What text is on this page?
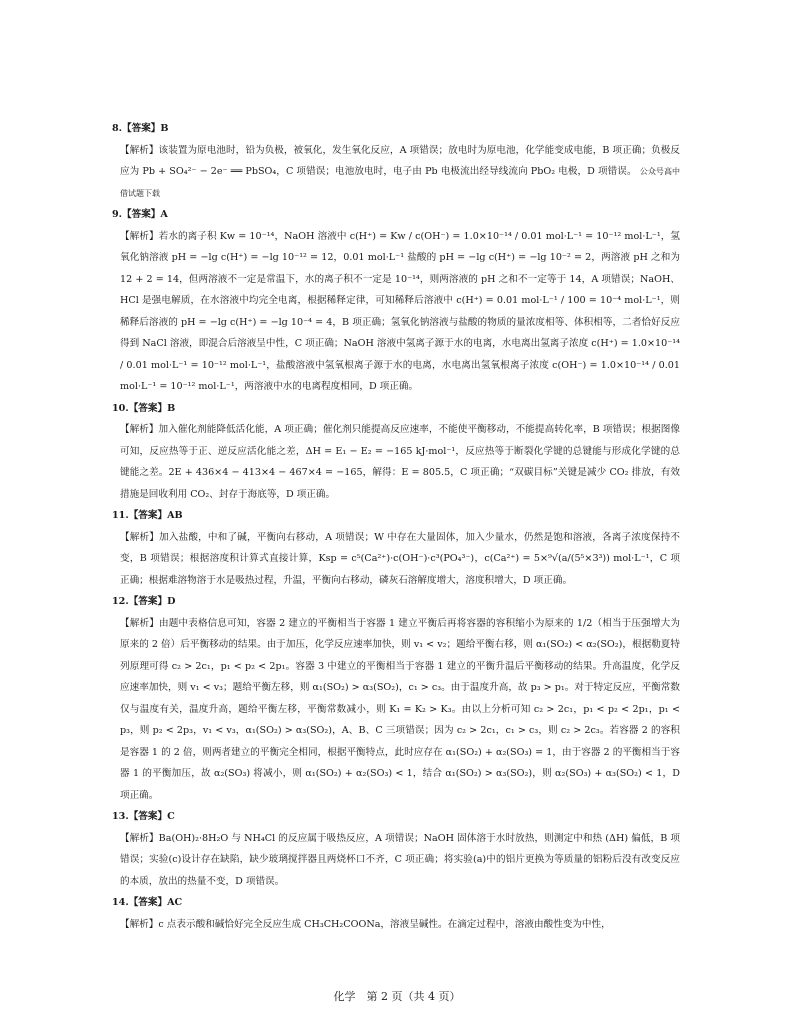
8.【答案】B
【解析】该装置为原电池时，铅为负极，被氧化，发生氧化反应，A 项错误；放电时为原电池，化学能变成电能，B 项正确；负极反应为 Pb + SO₄²⁻ − 2e⁻ ══ PbSO₄，C 项错误；电池放电时，电子由 Pb 电极流出经导线流向 PbO₂ 电极，D 项错误。 公众号高中借试题下载
9.【答案】A
【解析】若水的离子积 Kw = 10⁻¹⁴，NaOH 溶液中 c(H⁺) = Kw / c(OH⁻) = 1.0×10⁻¹⁴ / 0.01 mol·L⁻¹ = 10⁻¹² mol·L⁻¹，氢氧化钠溶液 pH = −lg c(H⁺) = −lg 10⁻¹² = 12，0.01 mol·L⁻¹ 盐酸的 pH = −lg c(H⁺) = −lg 10⁻² = 2，两溶液 pH 之和为 12 + 2 = 14，但两溶液不一定是常温下，水的离子积不一定是 10⁻¹⁴，则两溶液的 pH 之和不一定等于 14，A 项错误；NaOH、HCl 是强电解质，在水溶液中均完全电离，根据稀释定律，可知稀释后溶液中 c(H⁺) = 0.01 mol·L⁻¹ / 100 = 10⁻⁴ mol·L⁻¹，则稀释后溶液的 pH = −lg c(H⁺) = −lg 10⁻⁴ = 4，B 项正确；氢氧化钠溶液与盐酸的物质的量浓度相等、体积相等，二者恰好反应得到 NaCl 溶液，即混合后溶液呈中性，C 项正确；NaOH 溶液中氢离子源于水的电离，水电离出氢离子浓度 c(H⁺) = 1.0×10⁻¹⁴ / 0.01 mol·L⁻¹ = 10⁻¹² mol·L⁻¹，盐酸溶液中氢氧根离子源于水的电离，水电离出氢氧根离子浓度 c(OH⁻) = 1.0×10⁻¹⁴ / 0.01 mol·L⁻¹ = 10⁻¹² mol·L⁻¹，两溶液中水的电离程度相同，D 项正确。
10.【答案】B
【解析】加入催化剂能降低活化能，A 项正确；催化剂只能提高反应速率，不能使平衡移动，不能提高转化率，B 项错误；根据图像可知，反应热等于正、逆反应活化能之差，ΔH = E₁ − E₂ = −165 kJ·mol⁻¹，反应热等于断裂化学键的总键能与形成化学键的总键能之差。2E + 436×4 − 413×4 − 467×4 = −165，解得：E = 805.5，C 项正确；“双碳目标”关键是减少 CO₂ 排放，有效措施是回收利用 CO₂、封存于海底等，D 项正确。
11.【答案】AB
【解析】加入盐酸，中和了碱，平衡向右移动，A 项错误；W 中存在大量固体，加入少量水，仍然是饱和溶液，各离子浓度保持不变，B 项错误；根据溶度积计算式直接计算，Ksp = c⁵(Ca²⁺)·c(OH⁻)·c³(PO₄³⁻)，c(Ca²⁺) = 5×⁹√(a/(5⁵×3³)) mol·L⁻¹，C 项正确；根据难溶物溶于水是吸热过程，升温，平衡向右移动，磷灰石溶解度增大，溶度积增大，D 项正确。
12.【答案】D
【解析】由题中表格信息可知，容器 2 建立的平衡相当于容器 1 建立平衡后再将容器的容积缩小为原来的 1/2（相当于压强增大为原来的 2 倍）后平衡移动的结果。由于加压，化学反应速率加快，则 v₁ < v₂；题给平衡右移，则 α₁(SO₂) < α₂(SO₂)，根据勒夏特列原理可得 c₂ > 2c₁，p₁ < p₂ < 2p₁。容器 3 中建立的平衡相当于容器 1 建立的平衡升温后平衡移动的结果。升高温度，化学反应速率加快，则 v₁ < v₃；题给平衡左移，则 α₁(SO₂) > α₃(SO₂)，c₁ > c₃。由于温度升高，故 p₃ > p₁。对于特定反应，平衡常数仅与温度有关，温度升高，题给平衡左移，平衡常数减小，则 K₁ = K₂ > K₃。由以上分析可知 c₂ > 2c₁，p₁ < p₂ < 2p₁，p₁ < p₃，则 p₂ < 2p₃，v₁ < v₃，α₁(SO₂) > α₃(SO₂)，A、B、C 三项错误；因为 c₂ > 2c₁，c₁ > c₃，则 c₂ > 2c₃。若容器 2 的容积是容器 1 的 2 倍，则两者建立的平衡完全相同，根据平衡特点，此时应存在 α₁(SO₂) + α₂(SO₃) = 1，由于容器 2 的平衡相当于容器 1 的平衡加压，故 α₂(SO₃) 将减小，则 α₁(SO₂) + α₂(SO₃) < 1，结合 α₁(SO₂) > α₃(SO₂)，则 α₂(SO₃) + α₃(SO₂) < 1，D 项正确。
13.【答案】C
【解析】Ba(OH)₂·8H₂O 与 NH₄Cl 的反应属于吸热反应，A 项错误；NaOH 固体溶于水时放热，则测定中和热 (ΔH) 偏低，B 项错误；实验(c)设计存在缺陷，缺少玻璃搅拌器且两烧杯口不齐，C 项正确；将实验(a)中的铝片更换为等质量的铝粉后没有改变反应的本质，放出的热量不变，D 项错误。
14.【答案】AC
【解析】c 点表示酸和碱恰好完全反应生成 CH₃CH₂COONa，溶液呈碱性。在滴定过程中，溶液由酸性变为中性，
化学　第 2 页（共 4 页）
